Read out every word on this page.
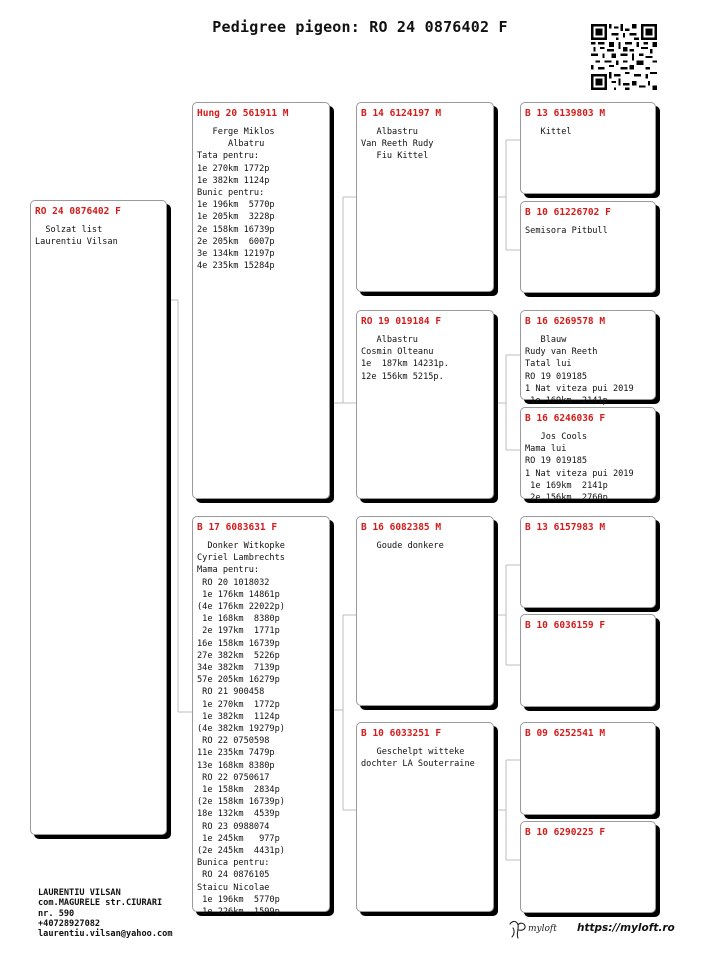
Pedigree pigeon: RO 24 0876402 F
RO 24 0876402 F
Solzat list
Laurentiu Vilsan
Hung 20 561911 M
Ferge Miklos
Albatru
Tata pentru:
1e 270km 1772p
1e 382km 1124p
Bunic pentru:
1e 196km  5770p
1e 205km  3228p
2e 158km 16739p
2e 205km  6007p
3e 134km 12197p
4e 235km 15284p
B 17 6083631 F
Donker Witkopke
Cyriel Lambrechts
Mama pentru:
RO 20 1018032
1e 176km 14861p
(4e 176km 22022p)
1e 168km  8380p
2e 197km  1771p
16e 158km 16739p
27e 382km  5226p
34e 382km  7139p
57e 205km 16279p
RO 21 900458
1e 270km  1772p
1e 382km  1124p
(4e 382km 19279p)
RO 22 0750598
11e 235km 7479p
13e 168km 8380p
RO 22 0750617
1e 158km  2834p
(2e 158km 16739p)
18e 132km  4539p
RO 23 0988074
1e 245km   977p
(2e 245km  4431p)
Bunica pentru:
RO 24 0876105
Staicu Nicolae
1e 196km  5770p
1e 226km  1599p
B 14 6124197 M
Albastru
Van Reeth Rudy
Fiu Kittel
RO 19 019184 F
Albastru
Cosmin Olteanu
1e  187km 14231p.
12e 156km 5215p.
B 16 6082385 M
Goude donkere
B 10 6033251 F
Geschelpt witteke
dochter LA Souterraine
B 13 6139803 M
Kittel
B 10 61226702 F
Semisora Pitbull
B 16 6269578 M
Blauw
Rudy van Reeth
Tatal lui
RO 19 019185
1 Nat viteza pui 2019
1e 169km  2141p
B 16 6246036 F
Jos Cools
Mama lui
RO 19 019185
1 Nat viteza pui 2019
1e 169km  2141p
2e 156km  2760p
B 13 6157983 M
B 10 6036159 F
B 09 6252541 M
B 10 6290225 F
LAURENTIU VILSAN
com.MAGURELE str.CIURARI
nr. 590
+40728927082
laurentiu.vilsan@yahoo.com
myloft https://myloft.ro
